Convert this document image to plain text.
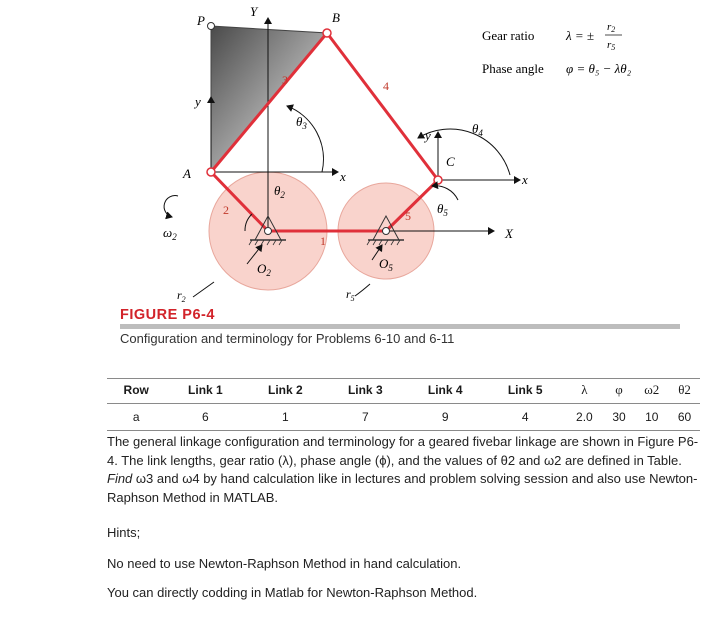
P
Y	B
y
A	x
y
C
x
X
1
2
3	4
5
$\theta_2$
$\theta_3$	$\theta_4$
$\theta_5$
$\omega_2$
$O_2$
$O_5$
$r_2$	$r_5$
Gear ratio λ = ±
r2
r5
Phase angle φ = θ₅ − λθ₂
FIGURE P6-4
Configuration and terminology for Problems 6-10 and 6-11
Row	Link 1	Link 2	Link 3	Link 4	Link 5	λ	φ	ω2	θ2
a	6	1	7	9	4	2.0	30	10	60

The general linkage configuration and terminology for a geared fivebar linkage are shown in Figure P6-4. The link lengths, gear ratio (λ), phase angle (ϕ), and the values of θ2 and ω2 are defined in Table. Find ω3 and ω4 by hand calculation like in lectures and problem solving session and also use Newton-Raphson Method in MATLAB.

Hints;

No need to use Newton-Raphson Method in hand calculation.

You can directly codding in Matlab for Newton-Raphson Method.
